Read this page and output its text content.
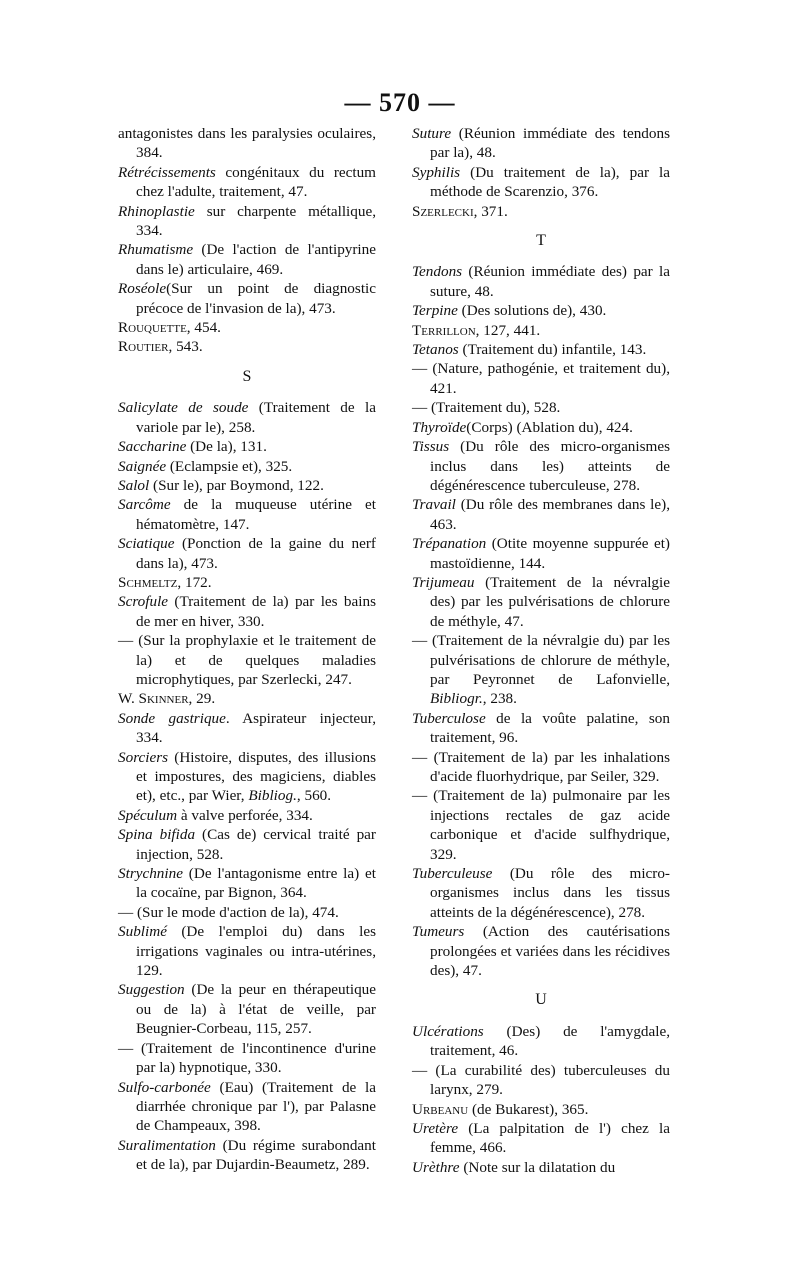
— 570 —

antagonistes dans les paralysies oculaires, 384.

Rétrécissements congénitaux du rectum chez l'adulte, traitement, 47.

Rhinoplastie sur charpente métallique, 334.

Rhumatisme (De l'action de l'antipyrine dans le) articulaire, 469.

Roséole(Sur un point de diagnostic précoce de l'invasion de la), 473.

Rouquette, 454.

Routier, 543.

S

Salicylate de soude (Traitement de la variole par le), 258.

Saccharine (De la), 131.

Saignée (Eclampsie et), 325.

Salol (Sur le), par Boymond, 122.

Sarcôme de la muqueuse utérine et hématomètre, 147.

Sciatique (Ponction de la gaine du nerf dans la), 473.

Schmeltz, 172.

Scrofule (Traitement de la) par les bains de mer en hiver, 330.

— (Sur la prophylaxie et le traitement de la) et de quelques maladies microphytiques, par Szerlecki, 247.

W. Skinner, 29.

Sonde gastrique. Aspirateur injecteur, 334.

Sorciers (Histoire, disputes, des illusions et impostures, des magiciens, diables et), etc., par Wier, Bibliog., 560.

Spéculum à valve perforée, 334.

Spina bifida (Cas de) cervical traité par injection, 528.

Strychnine (De l'antagonisme entre la) et la cocaïne, par Bignon, 364.

— (Sur le mode d'action de la), 474.

Sublimé (De l'emploi du) dans les irrigations vaginales ou intra-utérines, 129.

Suggestion (De la peur en thérapeutique ou de la) à l'état de veille, par Beugnier-Corbeau, 115, 257.

— (Traitement de l'incontinence d'urine par la) hypnotique, 330.

Sulfo-carbonée (Eau) (Traitement de la diarrhée chronique par l'), par Palasne de Champeaux, 398.

Suralimentation (Du régime surabondant et de la), par Dujardin-Beaumetz, 289.

Suture (Réunion immédiate des tendons par la), 48.

Syphilis (Du traitement de la), par la méthode de Scarenzio, 376.

Szerlecki, 371.

T

Tendons (Réunion immédiate des) par la suture, 48.

Terpine (Des solutions de), 430.

Terrillon, 127, 441.

Tetanos (Traitement du) infantile, 143.

— (Nature, pathogénie, et traitement du), 421.

— (Traitement du), 528.

Thyroïde(Corps) (Ablation du), 424.

Tissus (Du rôle des micro-organismes inclus dans les) atteints de dégénérescence tuberculeuse, 278.

Travail (Du rôle des membranes dans le), 463.

Trépanation (Otite moyenne suppurée et) mastoïdienne, 144.

Trijumeau (Traitement de la névralgie des) par les pulvérisations de chlorure de méthyle, 47.

— (Traitement de la névralgie du) par les pulvérisations de chlorure de méthyle, par Peyronnet de Lafonvielle, Bibliogr., 238.

Tuberculose de la voûte palatine, son traitement, 96.

— (Traitement de la) par les inhalations d'acide fluorhydrique, par Seiler, 329.

— (Traitement de la) pulmonaire par les injections rectales de gaz acide carbonique et d'acide sulfhydrique, 329.

Tuberculeuse (Du rôle des micro-organismes inclus dans les tissus atteints de la dégénérescence), 278.

Tumeurs (Action des cautérisations prolongées et variées dans les récidives des), 47.

U

Ulcérations (Des) de l'amygdale, traitement, 46.

— (La curabilité des) tuberculeuses du larynx, 279.

Urbeanu (de Bukarest), 365.

Uretère (La palpitation de l') chez la femme, 466.

Urèthre (Note sur la dilatation du
